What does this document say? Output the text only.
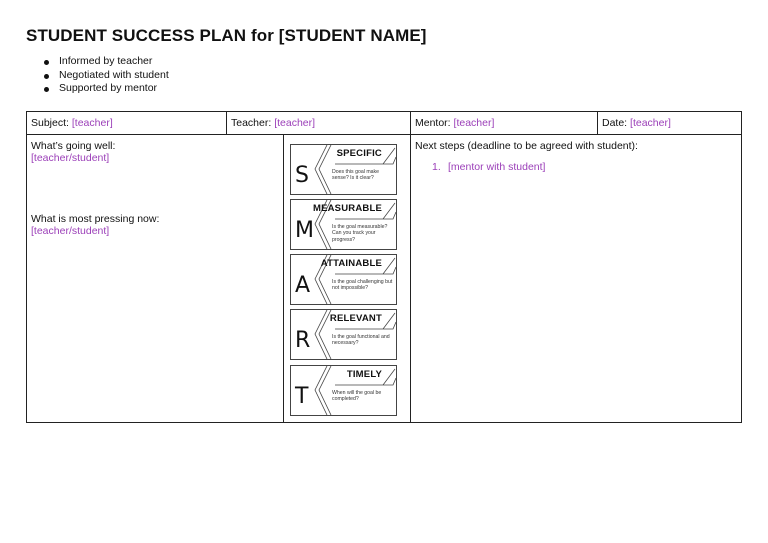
STUDENT SUCCESS PLAN for [STUDENT NAME]
Informed by teacher
Negotiated with student
Supported by mentor
Subject: [teacher]	Teacher: [teacher]	Mentor: [teacher]	Date: [teacher]
What’s going well:
[teacher/student]
What is most pressing now:
[teacher/student]
S
SPECIFIC
Does this goal make sense? Is it clear?
M
MEASURABLE
Is the goal measurable? Can you track your progress?
A
ATTAINABLE
Is the goal challenging but not impossible?
R
RELEVANT
Is the goal functional and necessary?
T
TIMELY
When will the goal be completed?
Next steps (deadline to be agreed with student):
1. [mentor with student]
